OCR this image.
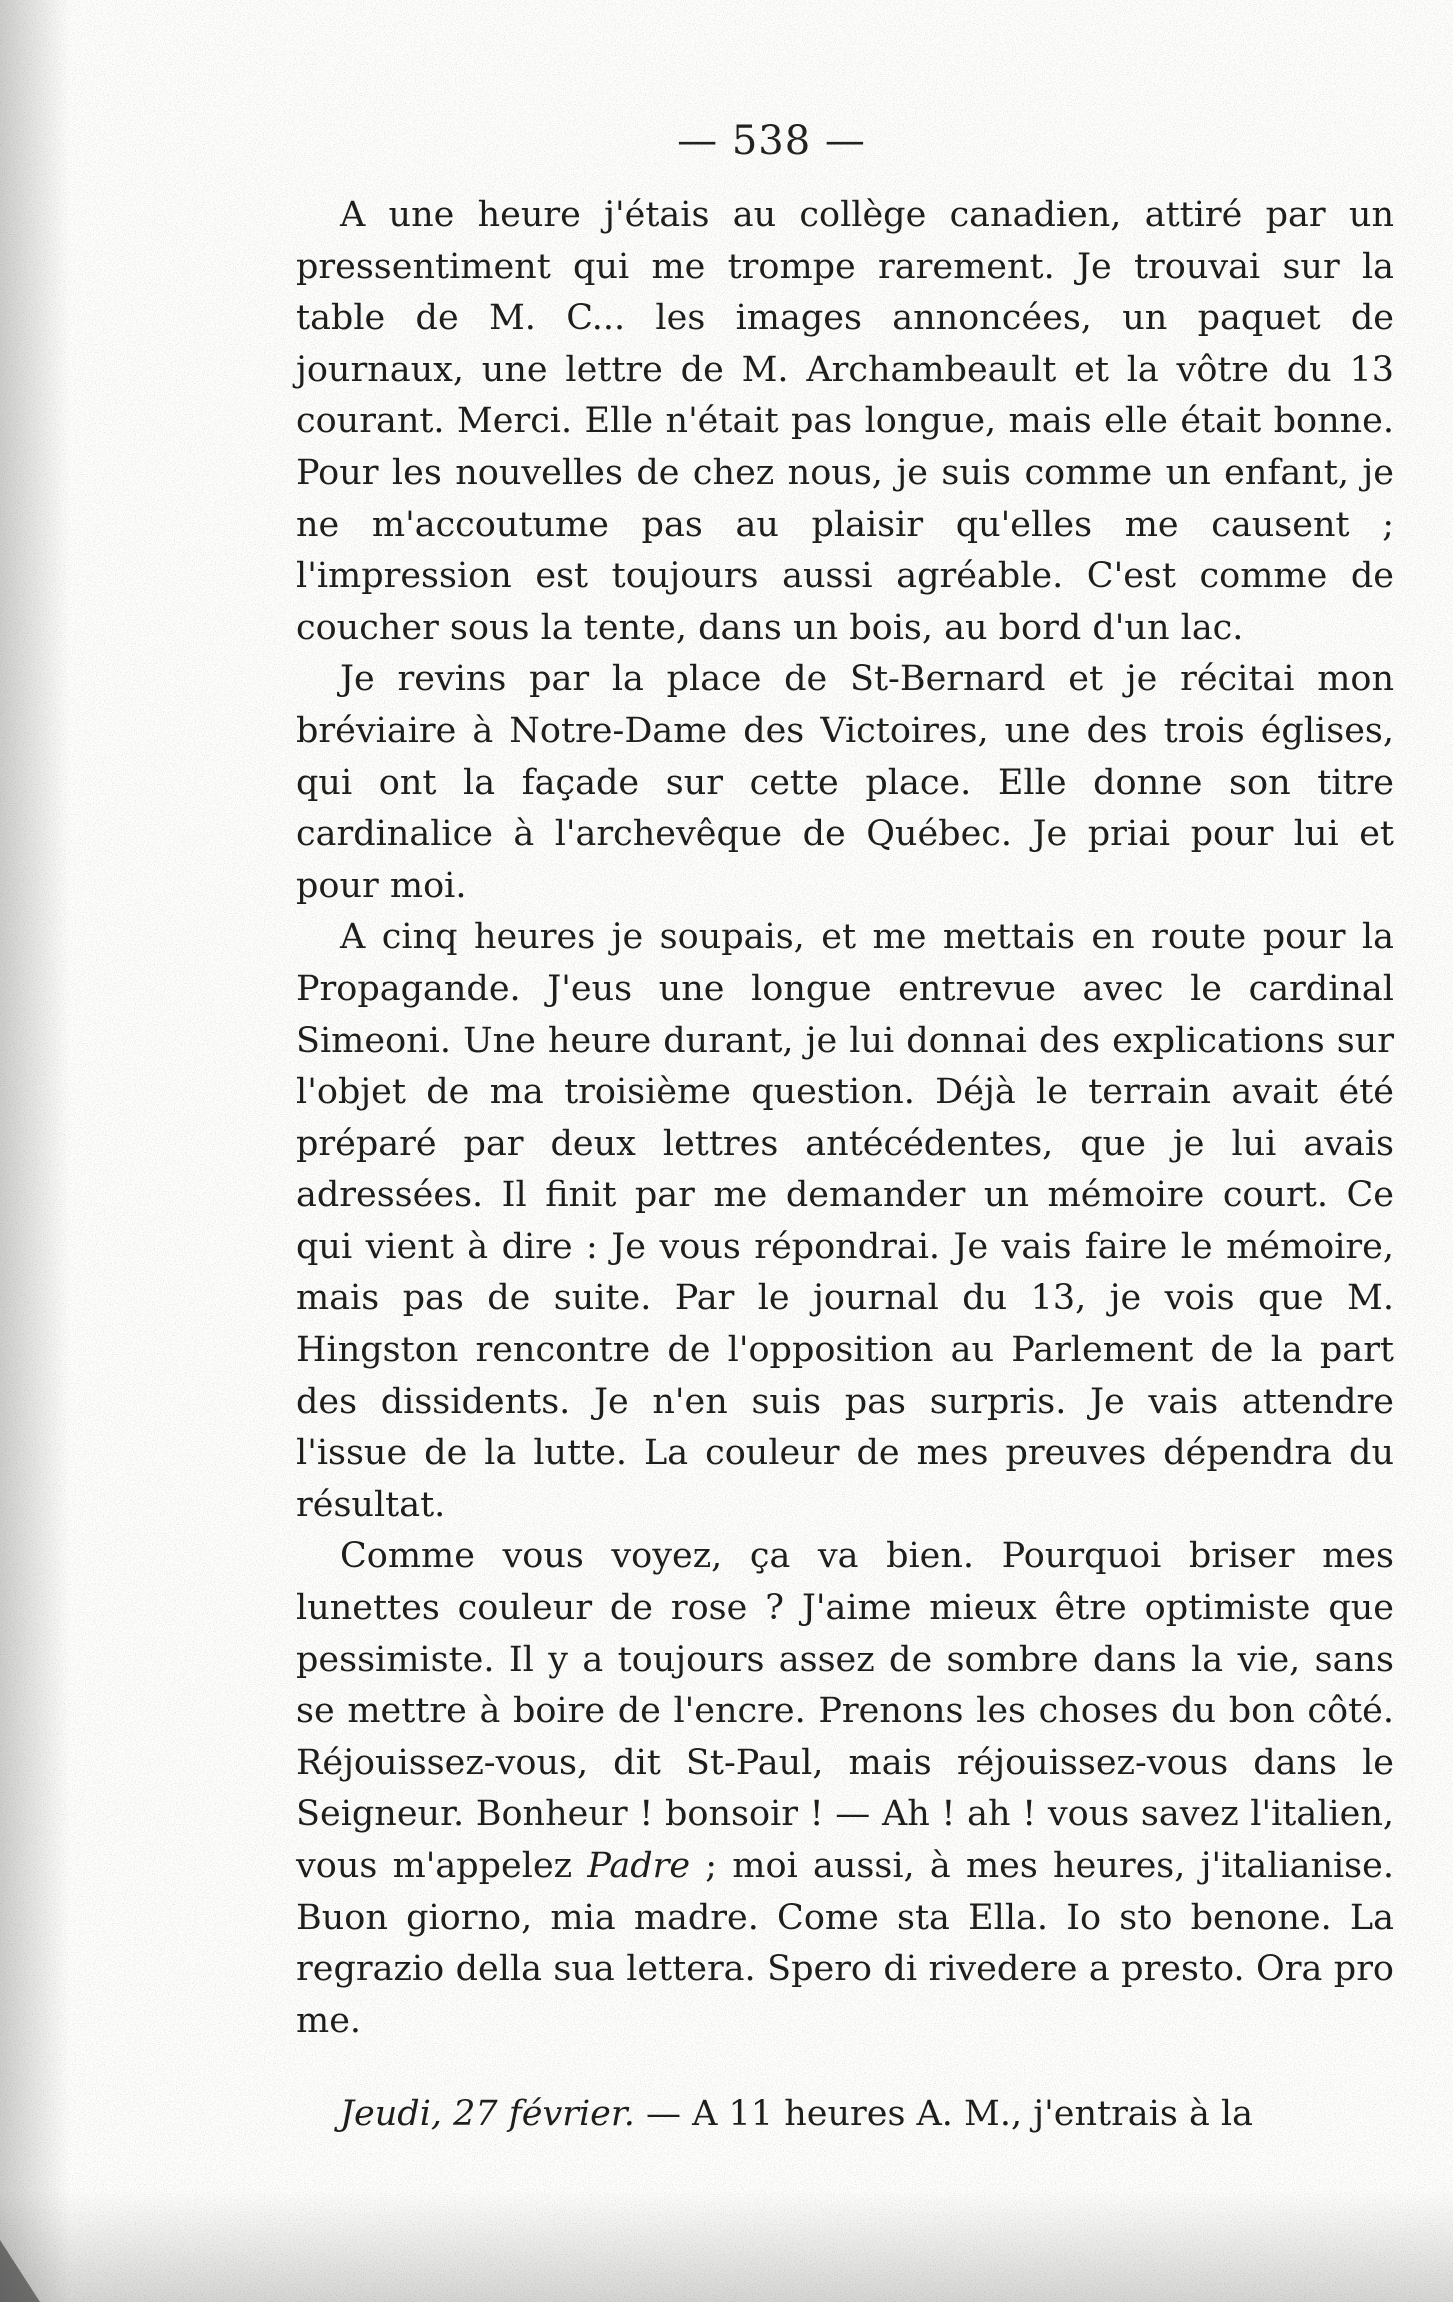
— 538 —

A une heure j'étais au collège canadien, attiré par un pressentiment qui me trompe rarement. Je trouvai sur la table de M. C... les images annoncées, un paquet de journaux, une lettre de M. Archambeault et la vôtre du 13 courant. Merci. Elle n'était pas longue, mais elle était bonne. Pour les nouvelles de chez nous, je suis comme un enfant, je ne m'accoutume pas au plaisir qu'elles me causent ; l'impression est toujours aussi agréable. C'est comme de coucher sous la tente, dans un bois, au bord d'un lac.

Je revins par la place de St-Bernard et je récitai mon bréviaire à Notre-Dame des Victoires, une des trois églises, qui ont la façade sur cette place. Elle donne son titre cardinalice à l'archevêque de Québec. Je priai pour lui et pour moi.

A cinq heures je soupais, et me mettais en route pour la Propagande. J'eus une longue entrevue avec le cardinal Simeoni. Une heure durant, je lui donnai des explications sur l'objet de ma troisième question. Déjà le terrain avait été préparé par deux lettres antécédentes, que je lui avais adressées. Il finit par me demander un mémoire court. Ce qui vient à dire : Je vous répondrai. Je vais faire le mémoire, mais pas de suite. Par le journal du 13, je vois que M. Hingston rencontre de l'opposition au Parlement de la part des dissidents. Je n'en suis pas surpris. Je vais attendre l'issue de la lutte. La couleur de mes preuves dépendra du résultat.

Comme vous voyez, ça va bien. Pourquoi briser mes lunettes couleur de rose ? J'aime mieux être optimiste que pessimiste. Il y a toujours assez de sombre dans la vie, sans se mettre à boire de l'encre. Prenons les choses du bon côté. Réjouissez-vous, dit St-Paul, mais réjouissez-vous dans le Seigneur. Bonheur ! bonsoir ! — Ah ! ah ! vous savez l'italien, vous m'appelez Padre ; moi aussi, à mes heures, j'italianise. Buon giorno, mia madre. Come sta Ella. Io sto benone. La regrazio della sua lettera. Spero di rivedere a presto. Ora pro me.

Jeudi, 27 février. — A 11 heures A. M., j'entrais à la
